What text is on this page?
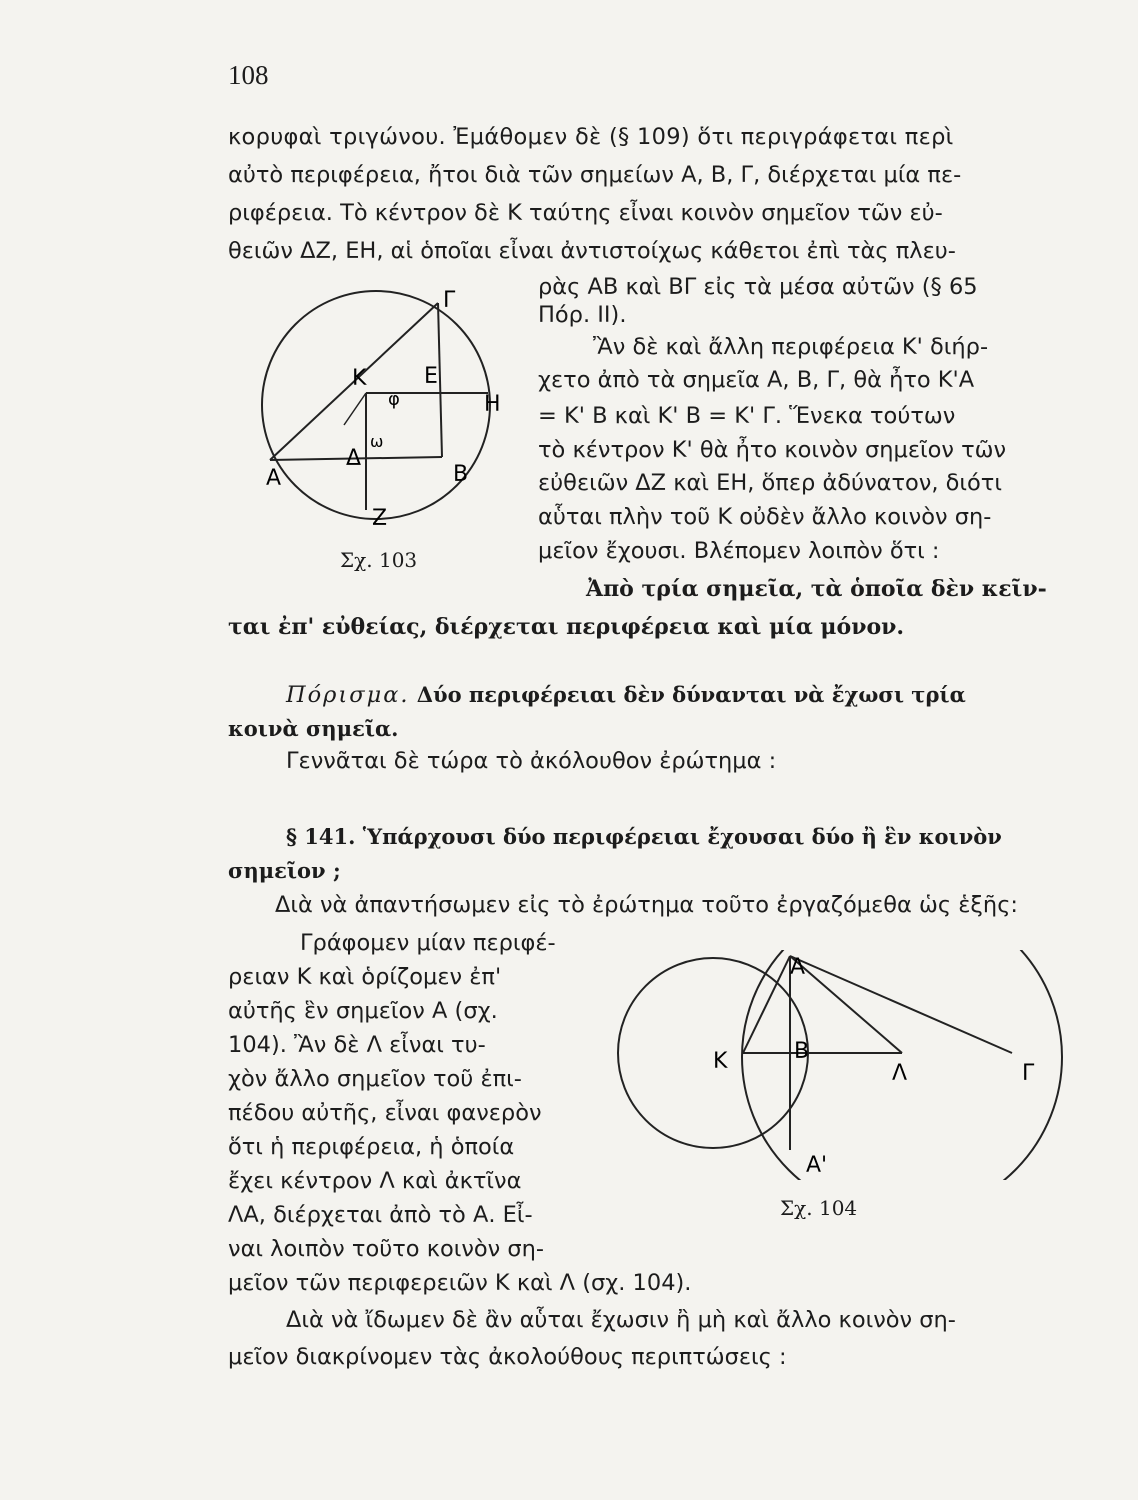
108
κορυφαὶ τριγώνου. Ἐμάθομεν δὲ (§ 109) ὅτι περιγράφεται περὶ
αὐτὸ περιφέρεια, ἤτοι διὰ τῶν σημείων Α, Β, Γ, διέρχεται μία πε-
ριφέρεια. Τὸ κέντρον δὲ Κ ταύτης εἶναι κοινὸν σημεῖον τῶν εὐ-
θειῶν ΔΖ, ΕΗ, αἱ ὁποῖαι εἶναι ἀντιστοίχως κάθετοι ἐπὶ τὰς πλευ-
ρὰς ΑΒ καὶ ΒΓ εἰς τὰ μέσα αὐτῶν (§ 65
Πόρ. ΙΙ).
Ἂν δὲ καὶ ἄλλη περιφέρεια Κ' διήρ-
χετο ἀπὸ τὰ σημεῖα Α, Β, Γ, θὰ ἦτο Κ'Α
= Κ' Β καὶ Κ' Β = Κ' Γ. Ἕνεκα τούτων
τὸ κέντρον Κ' θὰ ἦτο κοινὸν σημεῖον τῶν
εὐθειῶν ΔΖ καὶ ΕΗ, ὅπερ ἀδύνατον, διότι
αὗται πλὴν τοῦ Κ οὐδὲν ἄλλο κοινὸν ση-
μεῖον ἔχουσι. Βλέπομεν λοιπὸν ὅτι :
Γ
Κ	Ε
Η
φ
ω
Δ
Α	Β
Ζ
Σχ. 103
Ἀπὸ τρία σημεῖα, τὰ ὁποῖα δὲν κεῖν-
ται ἐπ' εὐθείας, διέρχεται περιφέρεια καὶ μία μόνον.
Πόρισμα. Δύο περιφέρειαι δὲν δύνανται νὰ ἔχωσι τρία
κοινὰ σημεῖα.
Γεννᾶται δὲ τώρα τὸ ἀκόλουθον ἐρώτημα :
§ 141. Ὑπάρχουσι δύο περιφέρειαι ἔχουσαι δύο ἢ ἓν κοινὸν
σημεῖον ;
Διὰ νὰ ἀπαντήσωμεν εἰς τὸ ἐρώτημα τοῦτο ἐργαζόμεθα ὡς ἑξῆς:
Γράφομεν μίαν περιφέ-
ρειαν Κ καὶ ὁρίζομεν ἐπ'
αὐτῆς ἓν σημεῖον Α (σχ.
104). Ἂν δὲ Λ εἶναι τυ-
χὸν ἄλλο σημεῖον τοῦ ἐπι-
πέδου αὐτῆς, εἶναι φανερὸν
ὅτι ἡ περιφέρεια, ἡ ὁποία
ἔχει κέντρον Λ καὶ ἀκτῖνα
ΛΑ, διέρχεται ἀπὸ τὸ Α. Εἶ-
ναι λοιπὸν τοῦτο κοινὸν ση-
μεῖον τῶν περιφερειῶν Κ καὶ Λ (σχ. 104).
Α
Κ	Β
Λ	Γ
Α'
Σχ. 104
Διὰ νὰ ἴδωμεν δὲ ἂν αὗται ἔχωσιν ἢ μὴ καὶ ἄλλο κοινὸν ση-
μεῖον διακρίνομεν τὰς ἀκολούθους περιπτώσεις :
